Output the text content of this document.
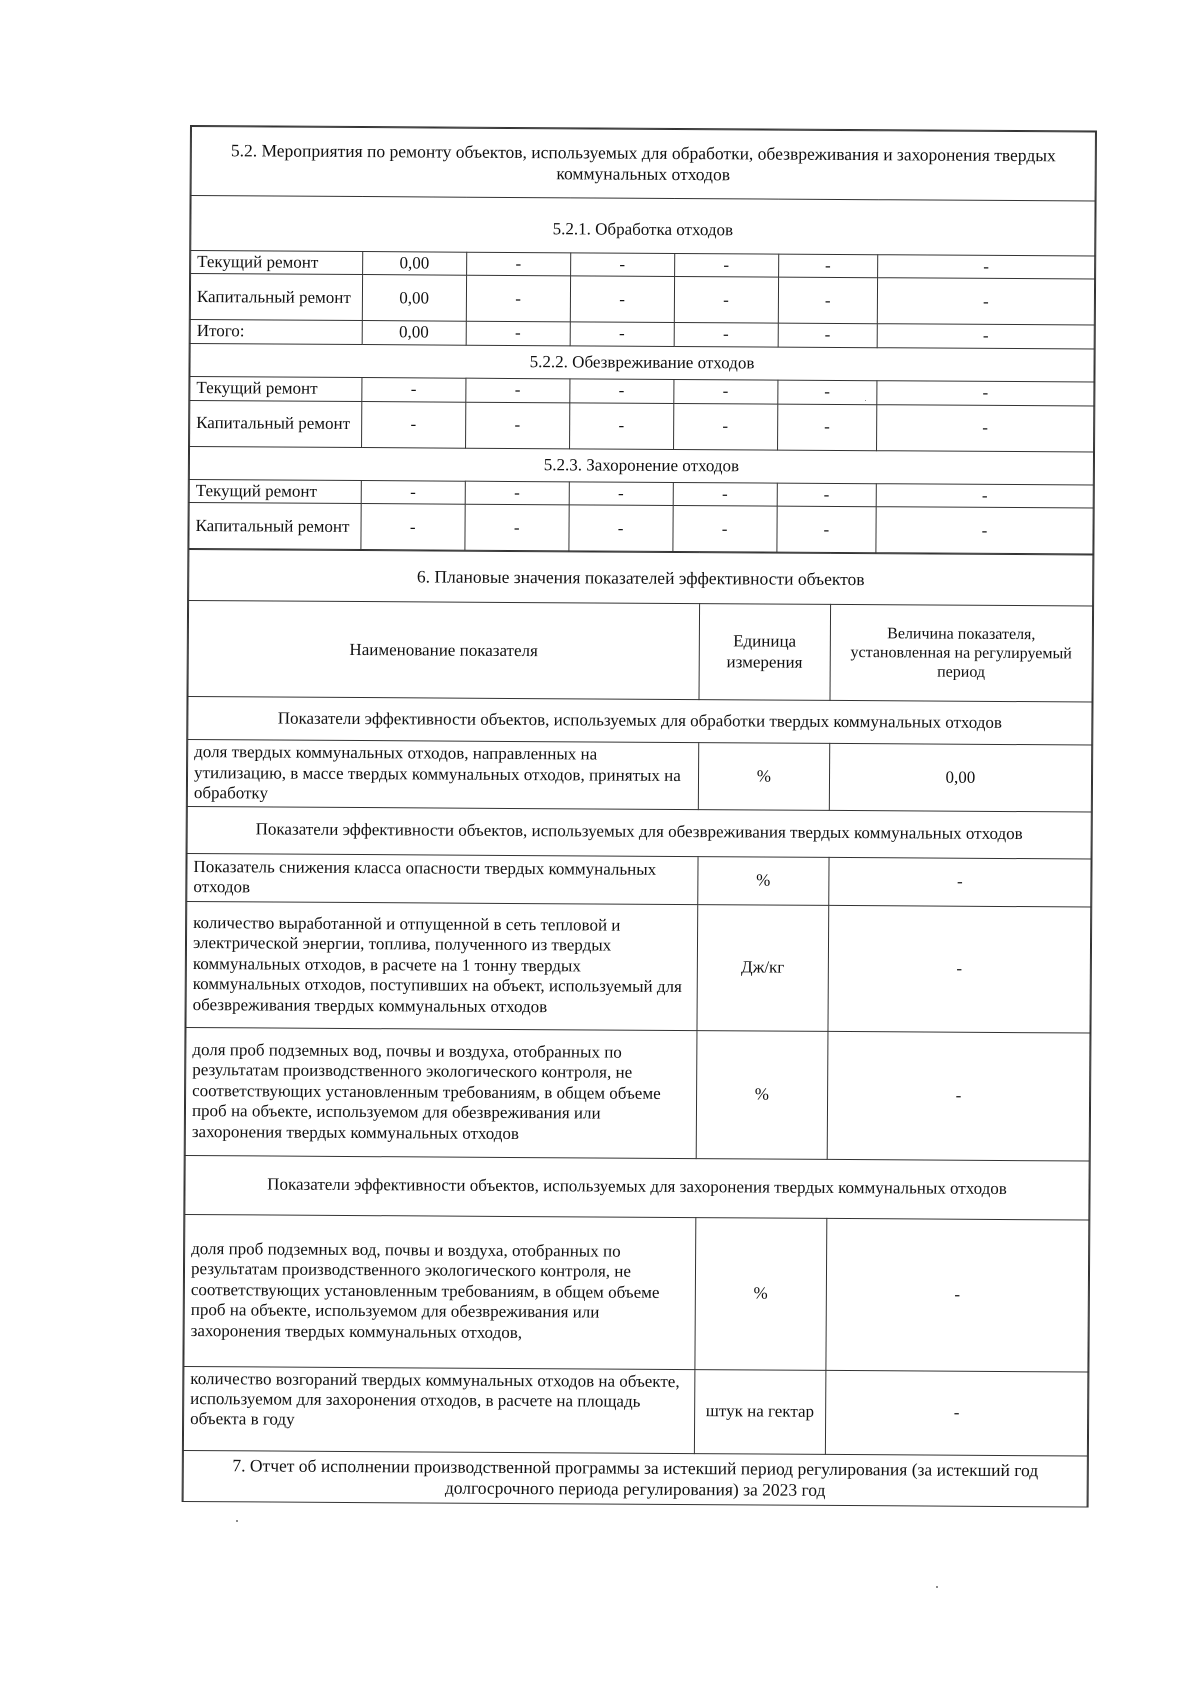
5.2. Мероприятия по ремонту объектов, используемых для обработки, обезвреживания и захоронения твердых коммунальных отходов						
5.2.1. Обработка отходов						
Текущий ремонт	0,00	-	-	-	-	-
Капитальный ремонт	0,00	-	-	-	-	-
Итого:	0,00	-	-	-	-	-
5.2.2. Обезвреживание отходов						
Текущий ремонт	-	-	-	-	-	-
Капитальный ремонт	-	-	-	-	-	-
5.2.3. Захоронение отходов						
Текущий ремонт	-	-	-	-	-	-
Капитальный ремонт	-	-	-	-	-	-
6. Плановые значения показателей эффективности объектов		
Наименование показателя	Единица измерения	Величина показателя, установленная на регулируемый период
Показатели эффективности объектов, используемых для обработки твердых коммунальных отходов		
доля твердых коммунальных отходов, направленных на утилизацию, в массе твердых коммунальных отходов, принятых на обработку	%	0,00
Показатели эффективности объектов, используемых для обезвреживания твердых коммунальных отходов		
Показатель снижения класса опасности твердых коммунальных отходов	%	-
количество выработанной и отпущенной в сеть тепловой и электрической энергии, топлива, полученного из твердых коммунальных отходов, в расчете на 1 тонну твердых коммунальных отходов, поступивших на объект, используемый для обезвреживания твердых коммунальных отходов	Дж/кг	-
доля проб подземных вод, почвы и воздуха, отобранных по результатам производственного экологического контроля, не соответствующих установленным требованиям, в общем объеме проб на объекте, используемом для обезвреживания или захоронения твердых коммунальных отходов	%	-
Показатели эффективности объектов, используемых для захоронения твердых коммунальных отходов		
доля проб подземных вод, почвы и воздуха, отобранных по результатам производственного экологического контроля, не соответствующих установленным требованиям, в общем объеме проб на объекте, используемом для обезвреживания или захоронения твердых коммунальных отходов,	%	-
количество возгораний твердых коммунальных отходов на объекте, используемом для захоронения отходов, в расчете на площадь объекта в году	штук на гектар	-
7. Отчет об исполнении производственной программы за истекший период регулирования (за истекший год долгосрочного периода регулирования) за 2023 год		
